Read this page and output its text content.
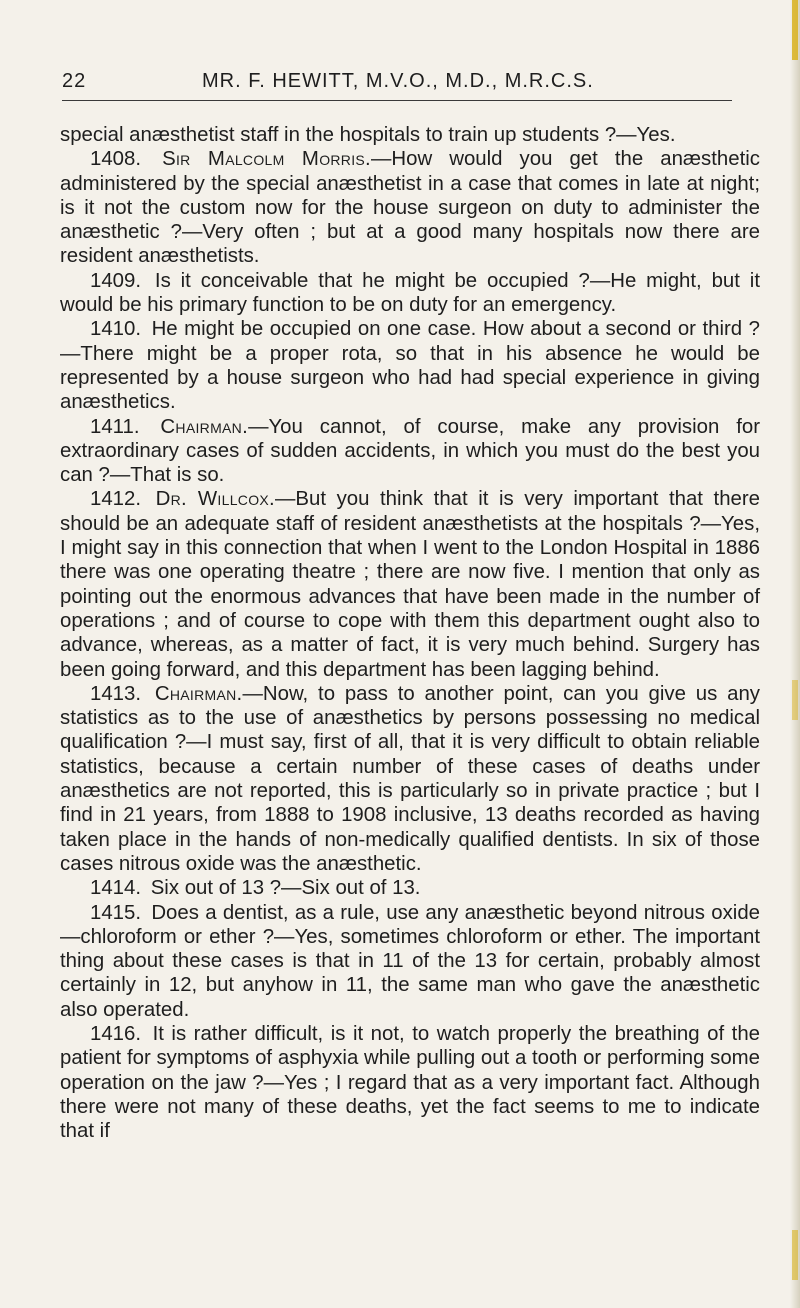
22	MR. F. HEWITT, M.V.O., M.D., M.R.C.S.

special anæsthetist staff in the hospitals to train up students ?—Yes.

1408. Sir Malcolm Morris.—How would you get the anæsthetic administered by the special anæsthetist in a case that comes in late at night; is it not the custom now for the house surgeon on duty to administer the anæsthetic ?—Very often ; but at a good many hospitals now there are resident anæsthetists.

1409. Is it conceivable that he might be occupied ?—He might, but it would be his primary function to be on duty for an emergency.

1410. He might be occupied on one case. How about a second or third ?—There might be a proper rota, so that in his absence he would be represented by a house surgeon who had had special experience in giving anæsthetics.

1411. Chairman.—You cannot, of course, make any provision for extraordinary cases of sudden accidents, in which you must do the best you can ?—That is so.

1412. Dr. Willcox.—But you think that it is very important that there should be an adequate staff of resident anæsthetists at the hospitals ?—Yes, I might say in this connection that when I went to the London Hospital in 1886 there was one operating theatre ; there are now five. I mention that only as pointing out the enormous advances that have been made in the number of operations ; and of course to cope with them this department ought also to advance, whereas, as a matter of fact, it is very much behind. Surgery has been going forward, and this department has been lagging behind.

1413. Chairman.—Now, to pass to another point, can you give us any statistics as to the use of anæsthetics by persons possessing no medical qualification ?—I must say, first of all, that it is very difficult to obtain reliable statistics, because a certain number of these cases of deaths under anæsthetics are not reported, this is particularly so in private practice ; but I find in 21 years, from 1888 to 1908 inclusive, 13 deaths recorded as having taken place in the hands of non-medically qualified dentists. In six of those cases nitrous oxide was the anæsthetic.

1414. Six out of 13 ?—Six out of 13.

1415. Does a dentist, as a rule, use any anæsthetic beyond nitrous oxide—chloroform or ether ?—Yes, sometimes chloroform or ether. The important thing about these cases is that in 11 of the 13 for certain, probably almost certainly in 12, but anyhow in 11, the same man who gave the anæsthetic also operated.

1416. It is rather difficult, is it not, to watch properly the breathing of the patient for symptoms of asphyxia while pulling out a tooth or performing some operation on the jaw ?—Yes ; I regard that as a very important fact. Although there were not many of these deaths, yet the fact seems to me to indicate that if
